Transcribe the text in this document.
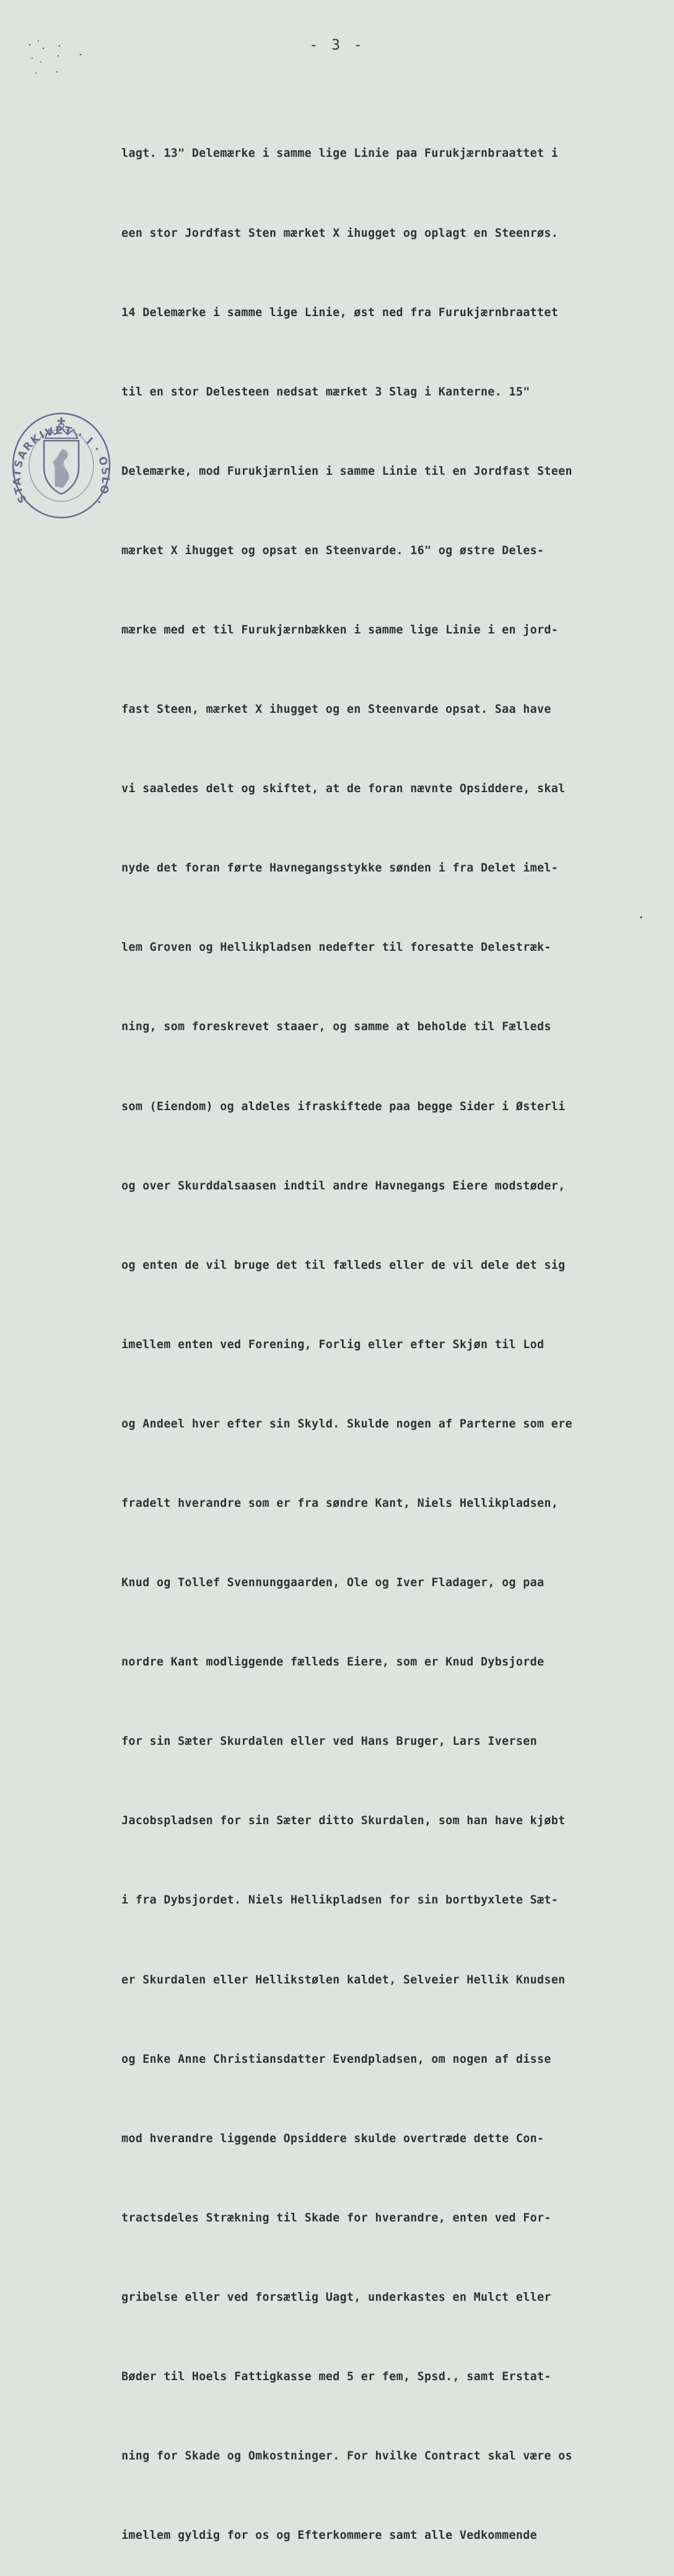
- 3 -
STATSARKIVET · I · OSLO ·

lagt. 13" Delemærke i samme lige Linie paa Furukjærnbraattet i

een stor Jordfast Sten mærket X ihugget og oplagt en Steenrøs.

14 Delemærke i samme lige Linie, øst ned fra Furukjærnbraattet

til en stor Delesteen nedsat mærket 3 Slag i Kanterne. 15"

Delemærke, mod Furukjærnlien i samme Linie til en Jordfast Steen

mærket X ihugget og opsat en Steenvarde. 16" og østre Deles-

mærke med et til Furukjærnbækken i samme lige Linie i en jord-

fast Steen, mærket X ihugget og en Steenvarde opsat. Saa have

vi saaledes delt og skiftet, at de foran nævnte Opsiddere, skal

nyde det foran førte Havnegangsstykke sønden i fra Delet imel-

lem Groven og Hellikpladsen nedefter til foresatte Delestræk-

ning, som foreskrevet staaer, og samme at beholde til Fælleds

som (Eiendom) og aldeles ifraskiftede paa begge Sider i Østerli

og over Skurddalsaasen indtil andre Havnegangs Eiere modstøder,

og enten de vil bruge det til fælleds eller de vil dele det sig

imellem enten ved Forening, Forlig eller efter Skjøn til Lod

og Andeel hver efter sin Skyld. Skulde nogen af Parterne som ere

fradelt hverandre som er fra søndre Kant, Niels Hellikpladsen,

Knud og Tollef Svennunggaarden, Ole og Iver Fladager, og paa

nordre Kant modliggende fælleds Eiere, som er Knud Dybsjorde

for sin Sæter Skurdalen eller ved Hans Bruger, Lars Iversen

Jacobspladsen for sin Sæter ditto Skurdalen, som han have kjøbt

i fra Dybsjordet. Niels Hellikpladsen for sin bortbyxlete Sæt-

er Skurdalen eller Hellikstølen kaldet, Selveier Hellik Knudsen

og Enke Anne Christiansdatter Evendpladsen, om nogen af disse

mod hverandre liggende Opsiddere skulde overtræde dette Con-

tractsdeles Strækning til Skade for hverandre, enten ved For-

gribelse eller ved forsætlig Uagt, underkastes en Mulct eller

Bøder til Hoels Fattigkasse med 5 er fem, Spsd., samt Erstat-

ning for Skade og Omkostninger. For hvilke Contract skal være os

imellem gyldig for os og Efterkommere samt alle Vedkommende
